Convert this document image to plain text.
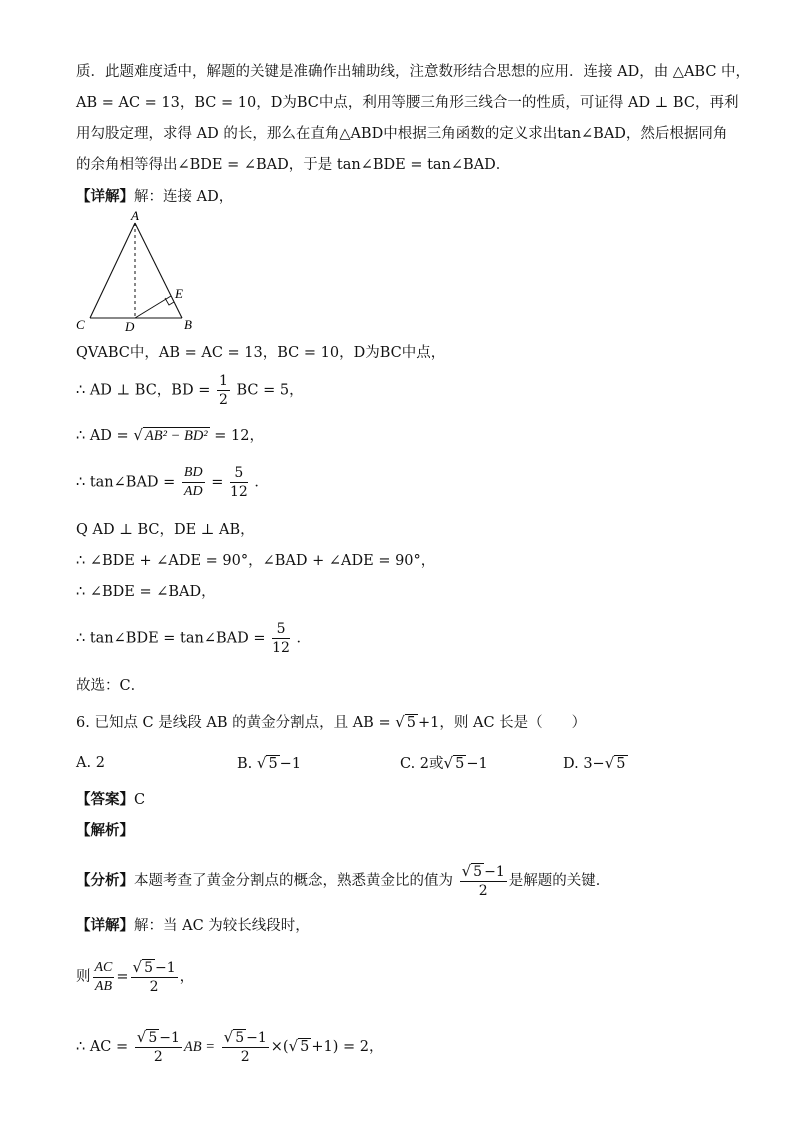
质．此题难度适中，解题的关键是准确作出辅助线，注意数形结合思想的应用．连接 AD，由 △ABC 中，
AB = AC = 13，BC = 10，D为BC中点，利用等腰三角形三线合一的性质，可证得 AD ⊥ BC，再利
用勾股定理，求得 AD 的长，那么在直角△ABD中根据三角函数的定义求出tan∠BAD，然后根据同角
的余角相等得出∠BDE = ∠BAD，于是 tan∠BDE = tan∠BAD．
【详解】解：连接 AD，
A
E
C	D	B
QVABC中，AB = AC = 13，BC = 10，D为BC中点，
∴ AD ⊥ BC，BD = $\frac{1}{2}$ BC = 5，
∴ AD = √ AB² − BD² = 12，
∴ tan∠BAD = $\frac{BD}{AD} = \frac{5}{12}$ ．
Q AD ⊥ BC，DE ⊥ AB，
∴ ∠BDE + ∠ADE = 90°，∠BAD + ∠ADE = 90°，
∴ ∠BDE = ∠BAD，
∴ tan∠BDE = tan∠BAD = $\frac{5}{12}$ ．
故选：C．
6. 已知点 C 是线段 AB 的黄金分割点，且 AB = √ 5 +1，则 AC 长是（　　）
A. 2	B. √ 5 −1	C. 2或√ 5 −1	D. 3−√ 5
【答案】C
【解析】
【分析】本题考查了黄金分割点的概念，熟悉黄金比的值为 $\frac{√ 5 -1}{2}$ 是解题的关键．
【详解】解：当 AC 为较长线段时，
则 $\frac{AC}{AB} = \frac{√ 5 -1}{2}$ ，
∴ AC = $\frac{√ 5 -1}{2}$ AB = $\frac{√ 5 -1}{2}$ ×(√ 5 +1) = 2，
